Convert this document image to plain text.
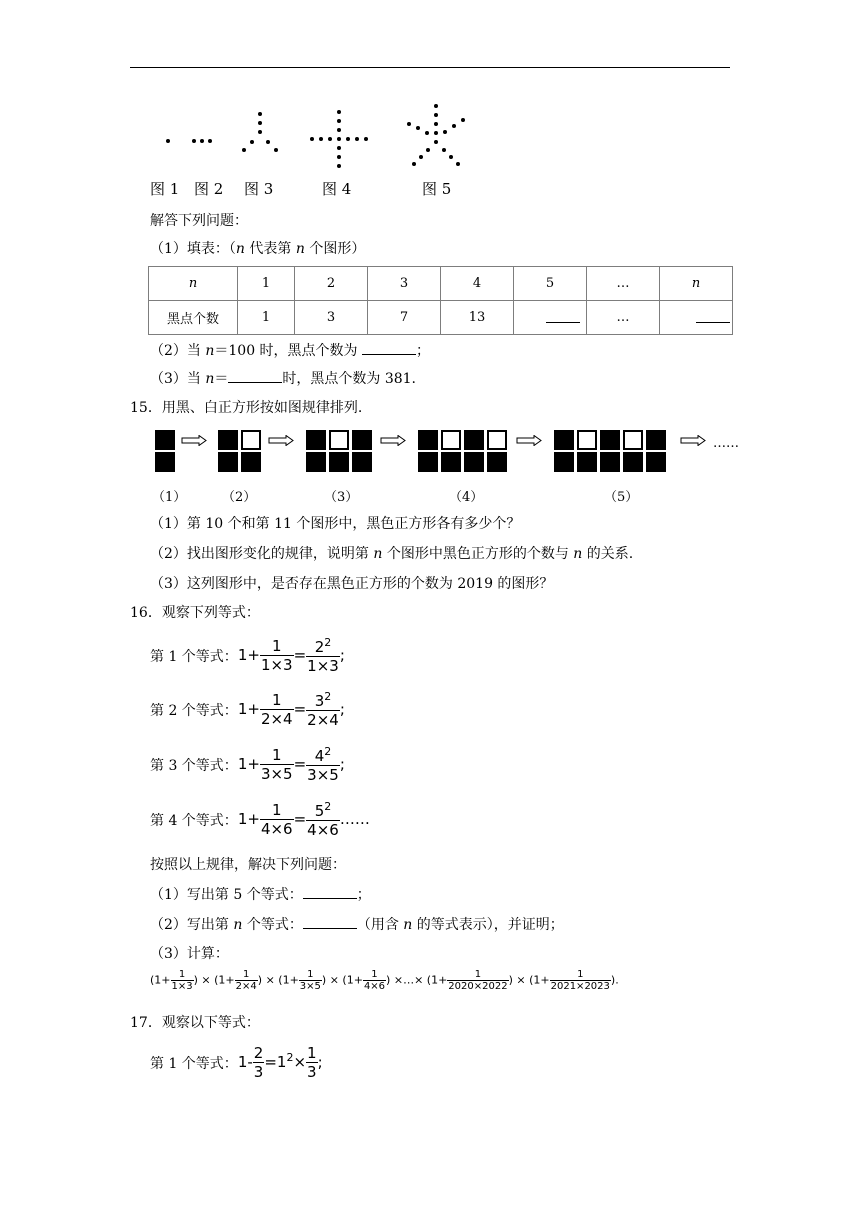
图 1 图 2 图 3	图 4	图 5
解答下列问题：
（1）填表：（n 代表第 n 个图形）
n	1	2	3	4	5	…	n
黑点个数	1	3	7	13		…	
（2）当 n＝100 时，黑点个数为	；
（3）当 n＝	时，黑点个数为 381.
15．用黑、白正方形按如图规律排列.
……
（1）	（2）	（3）	（4）	（5）
（1）第 10 个和第 11 个图形中，黑色正方形各有多少个？
（2）找出图形变化的规律，说明第 n 个图形中黑色正方形的个数与 n 的关系.
（3）这列图形中，是否存在黑色正方形的个数为 2019 的图形？
16．观察下列等式：
第 1 个等式：$1+ \frac{1}{1\times 3} = \frac{2^2}{1\times 3}$ ;
第 2 个等式：$1+ \frac{1}{2\times 4} = \frac{3^2}{2\times 4}$ ;
第 3 个等式：$1+ \frac{1}{3\times 5} = \frac{4^2}{3\times 5}$ ;
第 4 个等式：$1+ \frac{1}{4\times 6} = \frac{5^2}{4\times 6}$ ……
按照以上规律，解决下列问题：
（1）写出第 5 个等式：	；
（2）写出第 n 个等式：	（用含 n 的等式表示），并证明；
（3）计算：
($1+ \frac{1}{1\times 3}$ ) × ($1+ \frac{1}{2\times 4}$ ) × ($1+ \frac{1}{3\times 5}$ ) × ($1+ \frac{1}{4\times 6}$ ) ×…× ($1+ \frac{1}{2020\times 2022}$ ) × ($1+ \frac{1}{2021\times 2023}$ ).
17．观察以下等式：
第 1 个等式：$1- \frac{2}{3} =1^2\times \frac{1}{3}$ ;
